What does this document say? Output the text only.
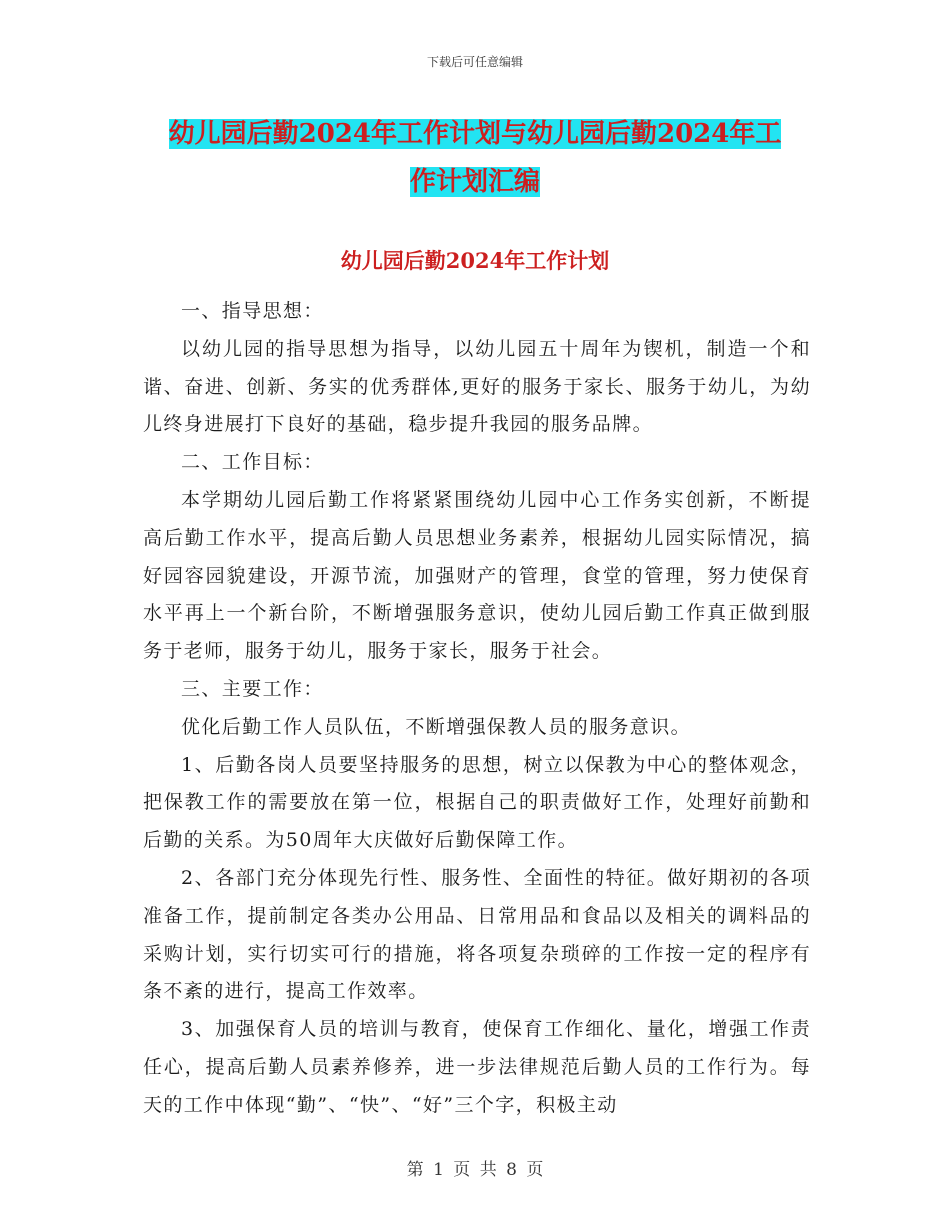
下载后可任意编辑
幼儿园后勤2024年工作计划与幼儿园后勤2024年工
作计划汇编
幼儿园后勤2024年工作计划

一、指导思想：

以幼儿园的指导思想为指导，以幼儿园五十周年为锲机，制造一个和谐、奋进、创新、务实的优秀群体,更好的服务于家长、服务于幼儿，为幼儿终身进展打下良好的基础，稳步提升我园的服务品牌。

二、工作目标：

本学期幼儿园后勤工作将紧紧围绕幼儿园中心工作务实创新，不断提高后勤工作水平，提高后勤人员思想业务素养，根据幼儿园实际情况，搞好园容园貌建设，开源节流，加强财产的管理，食堂的管理，努力使保育水平再上一个新台阶，不断增强服务意识，使幼儿园后勤工作真正做到服务于老师，服务于幼儿，服务于家长，服务于社会。

三、主要工作：

优化后勤工作人员队伍，不断增强保教人员的服务意识。

1、后勤各岗人员要坚持服务的思想，树立以保教为中心的整体观念，把保教工作的需要放在第一位，根据自己的职责做好工作，处理好前勤和后勤的关系。为50周年大庆做好后勤保障工作。

2、各部门充分体现先行性、服务性、全面性的特征。做好期初的各项准备工作，提前制定各类办公用品、日常用品和食品以及相关的调料品的采购计划，实行切实可行的措施，将各项复杂琐碎的工作按一定的程序有条不紊的进行，提高工作效率。

3、加强保育人员的培训与教育，使保育工作细化、量化，增强工作责任心，提高后勤人员素养修养，进一步法律规范后勤人员的工作行为。每天的工作中体现“勤”、“快”、“好”三个字，积极主动

第 1 页 共 8 页
